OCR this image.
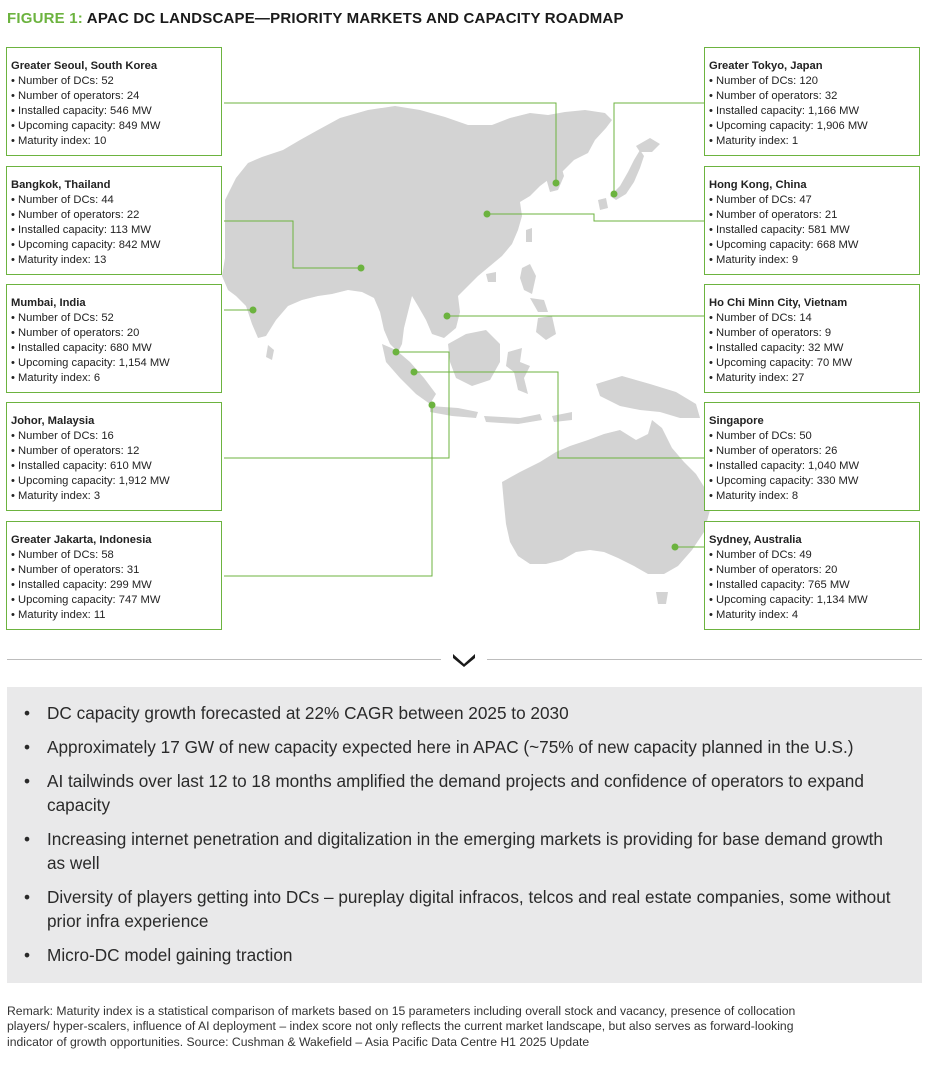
FIGURE 1: APAC DC LANDSCAPE—PRIORITY MARKETS AND CAPACITY ROADMAP
Greater Seoul, South Korea
• Number of DCs: 52
• Number of operators: 24
• Installed capacity: 546 MW
• Upcoming capacity: 849 MW
• Maturity index: 10
Bangkok, Thailand
• Number of DCs: 44
• Number of operators: 22
• Installed capacity: 113 MW
• Upcoming capacity: 842 MW
• Maturity index: 13
Mumbai, India
• Number of DCs: 52
• Number of operators: 20
• Installed capacity: 680 MW
• Upcoming capacity: 1,154 MW
• Maturity index: 6
Johor, Malaysia
• Number of DCs: 16
• Number of operators: 12
• Installed capacity: 610 MW
• Upcoming capacity: 1,912 MW
• Maturity index: 3
Greater Jakarta, Indonesia
• Number of DCs: 58
• Number of operators: 31
• Installed capacity: 299 MW
• Upcoming capacity: 747 MW
• Maturity index: 11
Greater Tokyo, Japan
• Number of DCs: 120
• Number of operators: 32
• Installed capacity: 1,166 MW
• Upcoming capacity: 1,906 MW
• Maturity index: 1
Hong Kong, China
• Number of DCs: 47
• Number of operators: 21
• Installed capacity: 581 MW
• Upcoming capacity: 668 MW
• Maturity index: 9
Ho Chi Minn City, Vietnam
• Number of DCs: 14
• Number of operators: 9
• Installed capacity: 32 MW
• Upcoming capacity: 70 MW
• Maturity index: 27
Singapore
• Number of DCs: 50
• Number of operators: 26
• Installed capacity: 1,040 MW
• Upcoming capacity: 330 MW
• Maturity index: 8
Sydney, Australia
• Number of DCs: 49
• Number of operators: 20
• Installed capacity: 765 MW
• Upcoming capacity: 1,134 MW
• Maturity index: 4
• DC capacity growth forecasted at 22% CAGR between 2025 to 2030
• Approximately 17 GW of new capacity expected here in APAC (~75% of new capacity planned in the U.S.)
• AI tailwinds over last 12 to 18 months amplified the demand projects and confidence of operators to expand capacity
• Increasing internet penetration and digitalization in the emerging markets is providing for base demand growth as well
• Diversity of players getting into DCs – pureplay digital infracos, telcos and real estate companies, some without prior infra experience
• Micro-DC model gaining traction
Remark: Maturity index is a statistical comparison of markets based on 15 parameters including overall stock and vacancy, presence of collocation players/ hyper-scalers, influence of AI deployment – index score not only reflects the current market landscape, but also serves as forward-looking indicator of growth opportunities. Source: Cushman & Wakefield – Asia Pacific Data Centre H1 2025 Update
